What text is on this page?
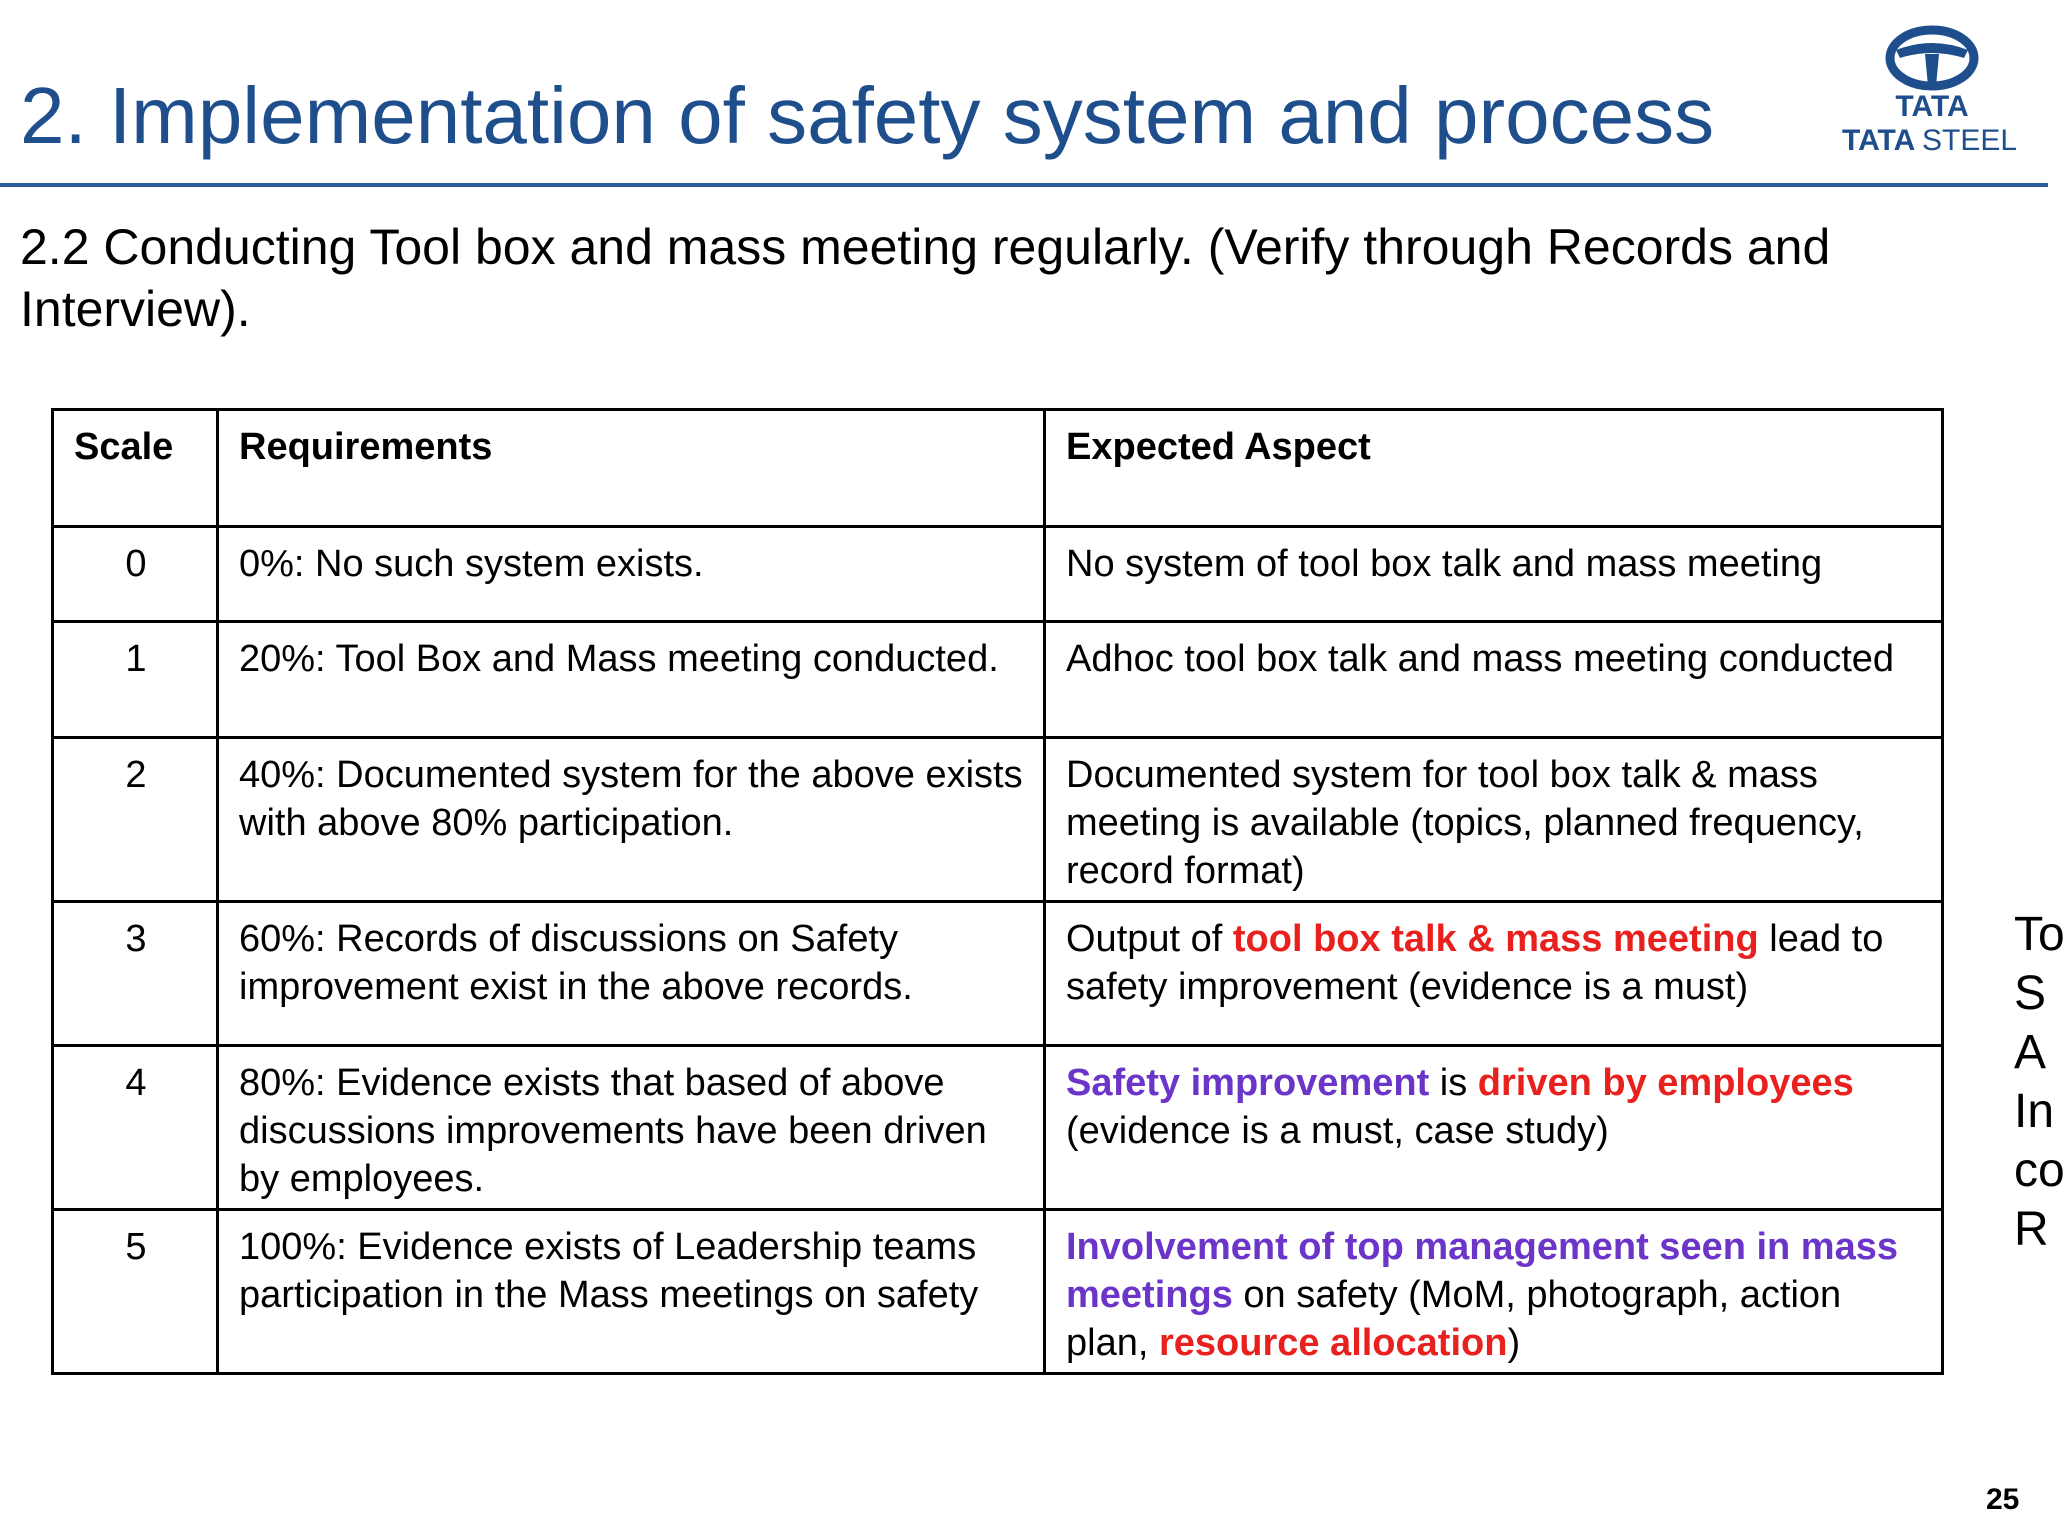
2. Implementation of safety system and process	TATA
TATA STEEL
2.2 Conducting Tool box and mass meeting regularly. (Verify through Records and Interview).
Scale	Requirements	Expected Aspect
0	0%: No such system exists.	No system of tool box talk and mass meeting
1	20%: Tool Box and Mass meeting conducted.	Adhoc tool box talk and mass meeting conducted
2	40%: Documented system for the above exists with above 80% participation.	Documented system for tool box talk & mass meeting is available (topics, planned frequency, record format)
3	60%: Records of discussions on Safety improvement exist in the above records.	Output of tool box talk & mass meeting lead to safety improvement (evidence is a must)
4	80%: Evidence exists that based of above discussions improvements have been driven by employees.	Safety improvement is driven by employees (evidence is a must, case study)
5	100%: Evidence exists of Leadership teams participation in the Mass meetings on safety	Involvement of top management seen in mass meetings on safety (MoM, photograph, action plan, resource allocation)
To
S
A
In
co
R
25
